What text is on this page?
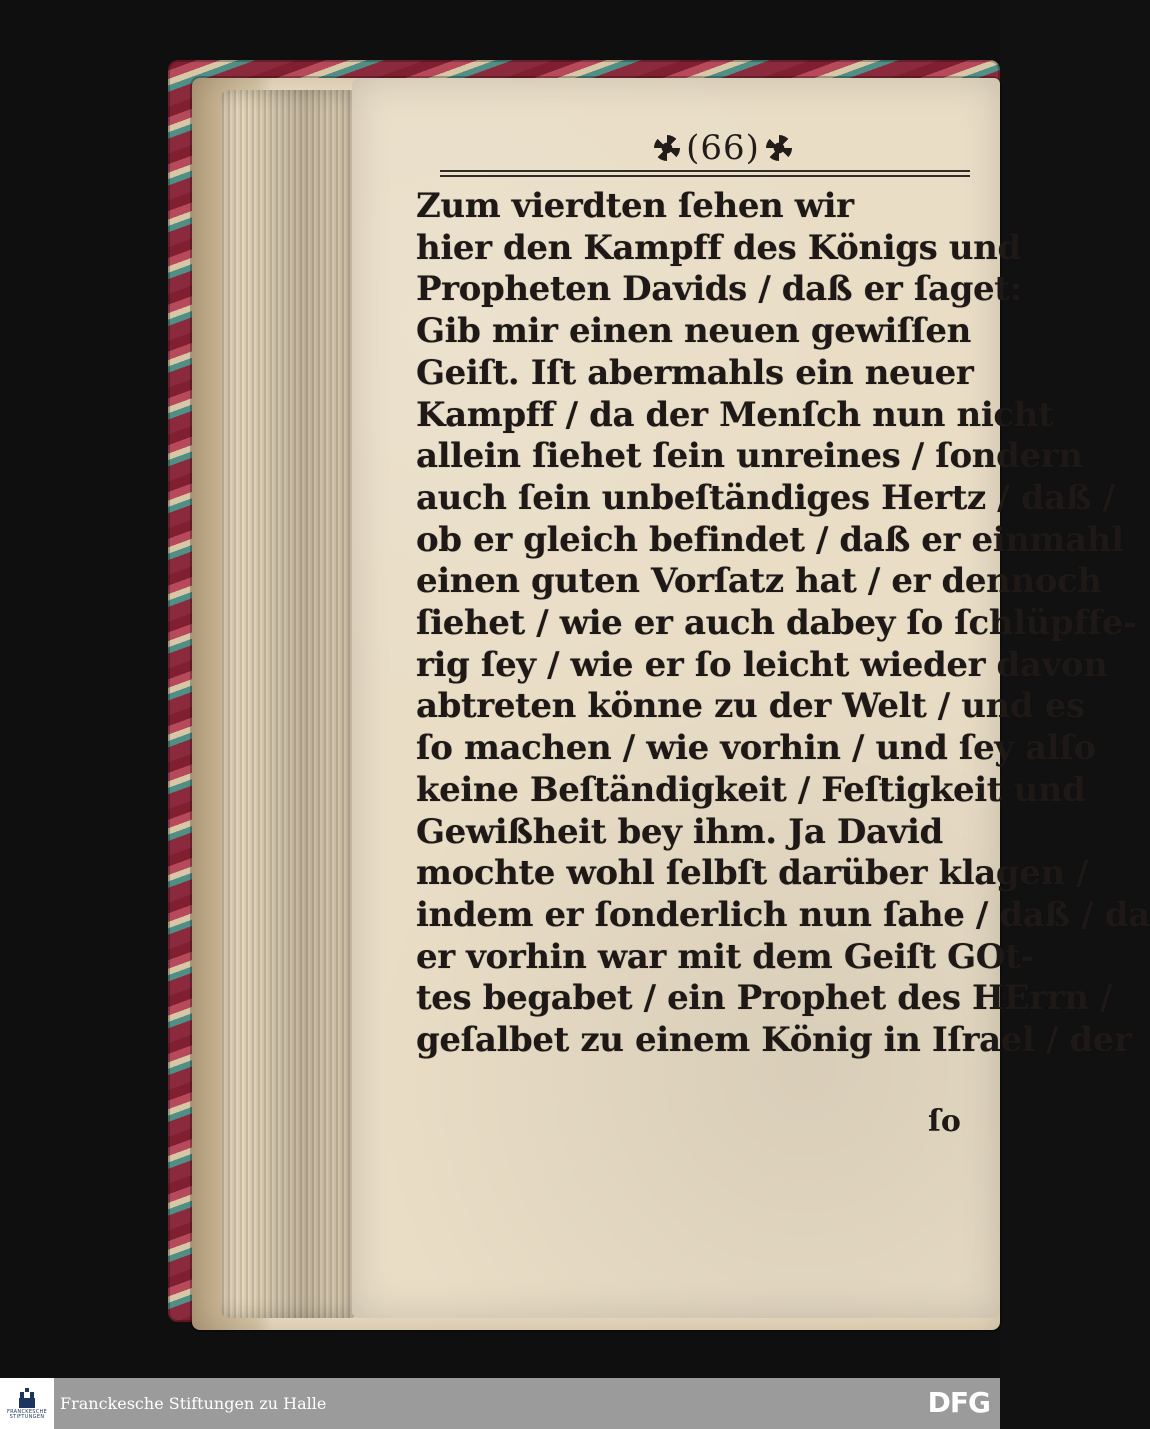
(66)
Zum vierdten ſehen wir
hier den Kampff des Königs und
Propheten Davids / daß er ſaget:
Gib mir einen neuen gewiſſen
Geiſt. Iſt abermahls ein neuer
Kampff / da der Menſch nun nicht
allein ſiehet ſein unreines / ſondern
auch ſein unbeſtändiges Hertz / daß /
ob er gleich befindet / daß er einmahl
einen guten Vorſatz hat / er dennoch
ſiehet / wie er auch dabey ſo ſchlüpffe-
rig ſey / wie er ſo leicht wieder davon
abtreten könne zu der Welt / und es
ſo machen / wie vorhin / und ſey alſo
keine Beſtändigkeit / Feſtigkeit und
Gewißheit bey ihm. Ja David
mochte wohl ſelbſt darüber klagen /
indem er ſonderlich nun ſahe / daß / da
er vorhin war mit dem Geiſt GOt-
tes begabet / ein Prophet des HErrn /
geſalbet zu einem König in Iſrael / der
ſo
FRANCKESCHE
STIFTUNGEN
Franckesche Stiftungen zu Halle	DFG
